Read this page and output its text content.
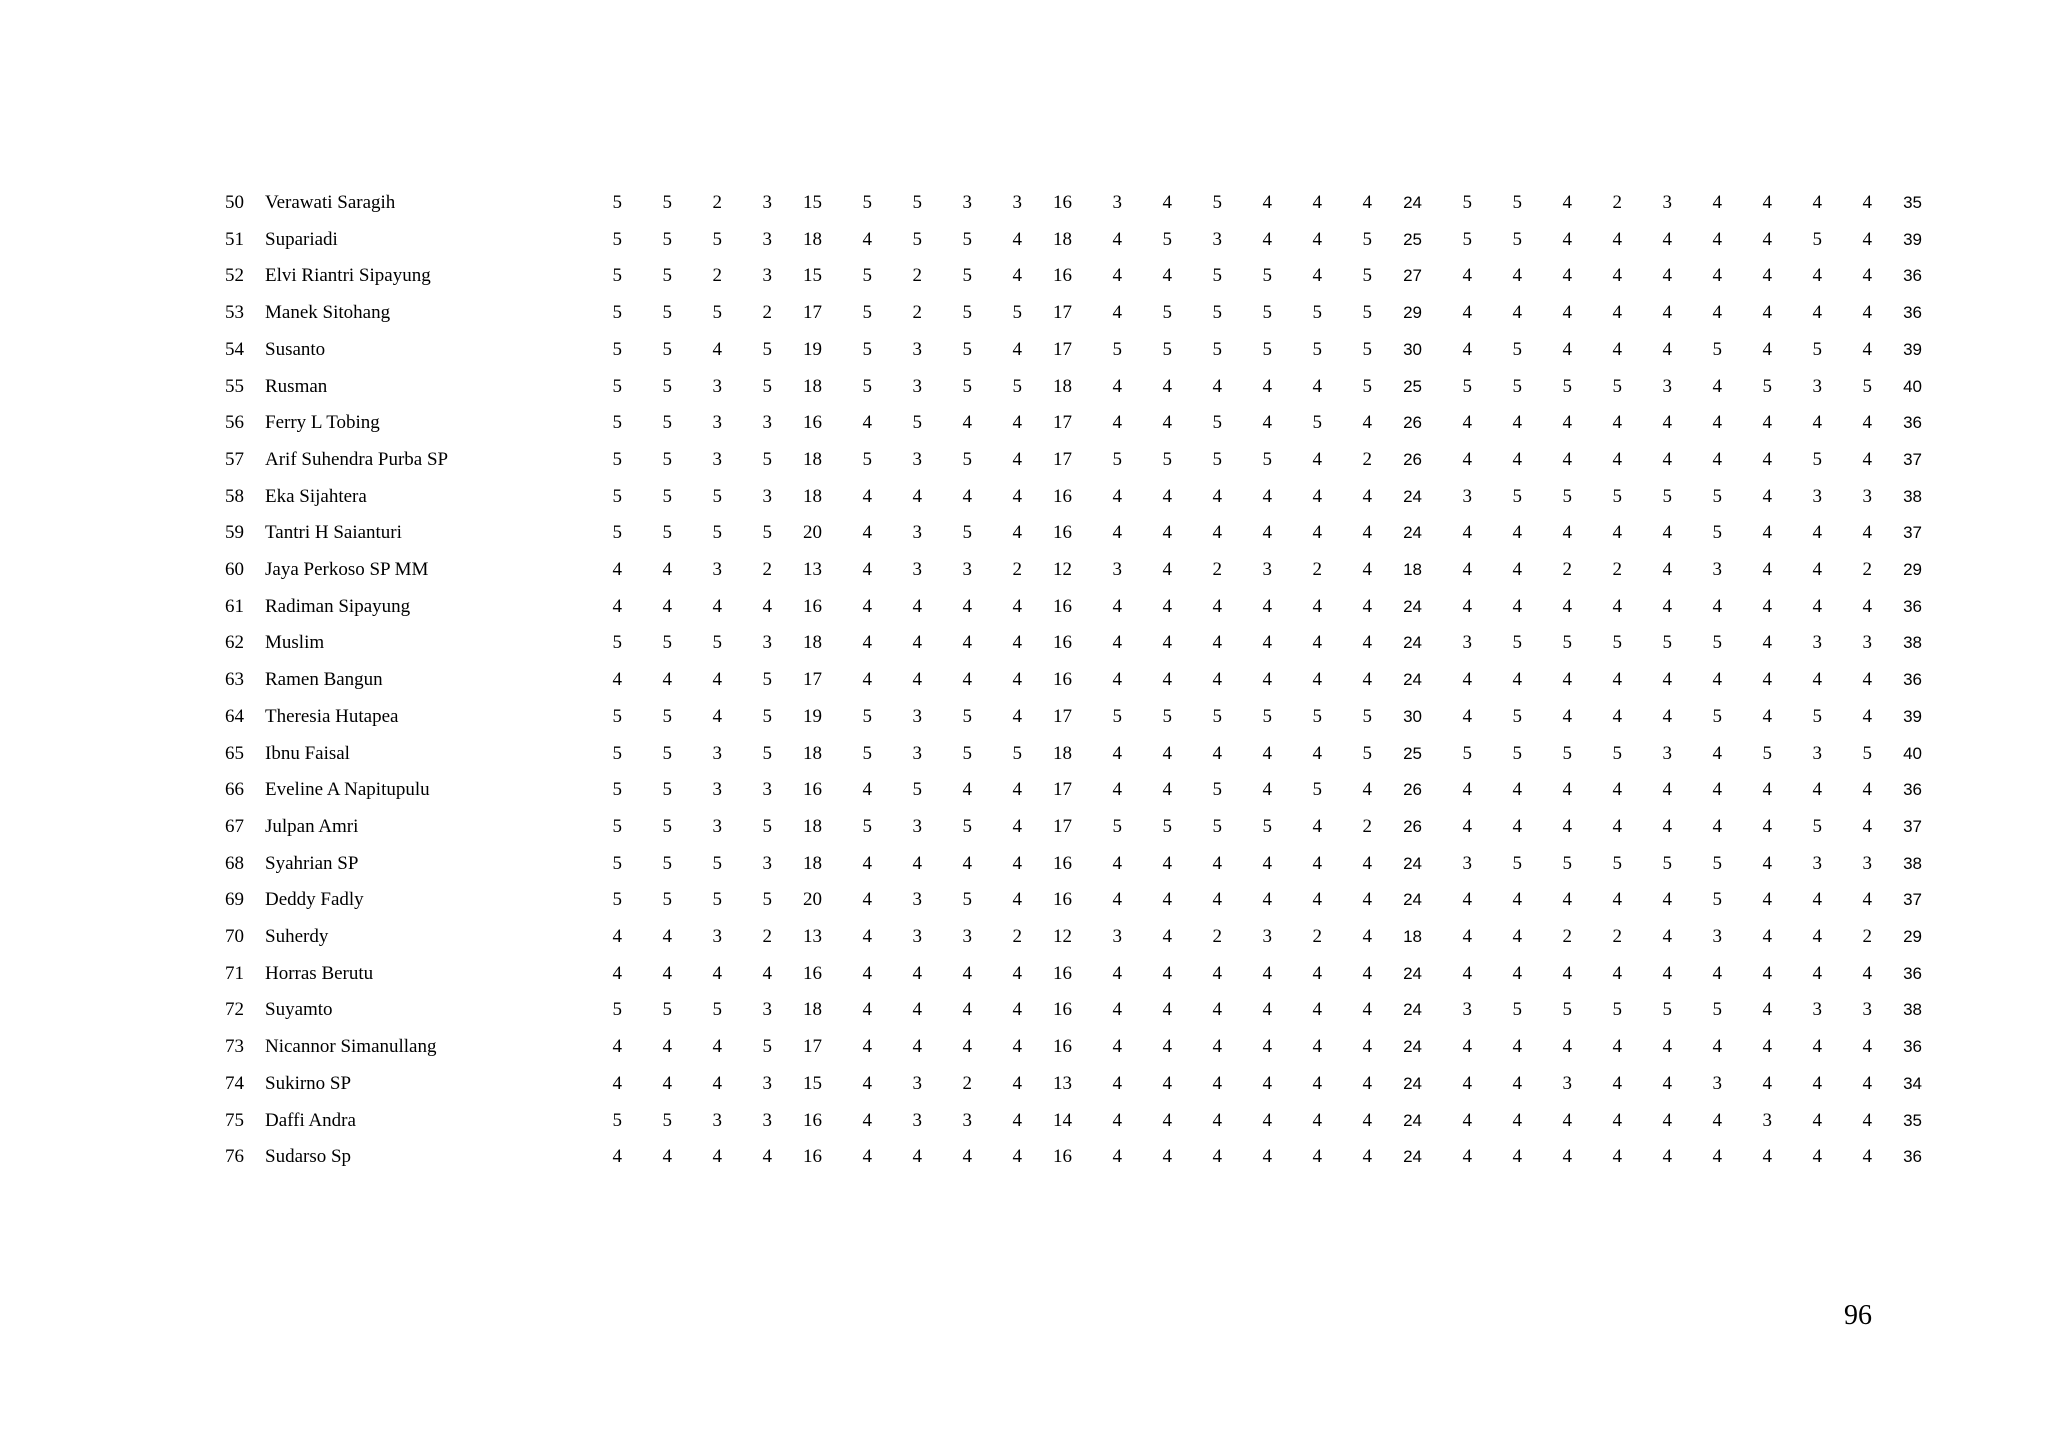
50	Verawati Saragih	5	5	2	3	15	5	5	3	3	16	3	4	5	4	4	4	24	5	5	4	2	3	4	4	4	4	35
51	Supariadi	5	5	5	3	18	4	5	5	4	18	4	5	3	4	4	5	25	5	5	4	4	4	4	4	5	4	39
52	Elvi Riantri Sipayung	5	5	2	3	15	5	2	5	4	16	4	4	5	5	4	5	27	4	4	4	4	4	4	4	4	4	36
53	Manek Sitohang	5	5	5	2	17	5	2	5	5	17	4	5	5	5	5	5	29	4	4	4	4	4	4	4	4	4	36
54	Susanto	5	5	4	5	19	5	3	5	4	17	5	5	5	5	5	5	30	4	5	4	4	4	5	4	5	4	39
55	Rusman	5	5	3	5	18	5	3	5	5	18	4	4	4	4	4	5	25	5	5	5	5	3	4	5	3	5	40
56	Ferry L Tobing	5	5	3	3	16	4	5	4	4	17	4	4	5	4	5	4	26	4	4	4	4	4	4	4	4	4	36
57	Arif Suhendra Purba SP	5	5	3	5	18	5	3	5	4	17	5	5	5	5	4	2	26	4	4	4	4	4	4	4	5	4	37
58	Eka Sijahtera	5	5	5	3	18	4	4	4	4	16	4	4	4	4	4	4	24	3	5	5	5	5	5	4	3	3	38
59	Tantri H Saianturi	5	5	5	5	20	4	3	5	4	16	4	4	4	4	4	4	24	4	4	4	4	4	5	4	4	4	37
60	Jaya Perkoso SP MM	4	4	3	2	13	4	3	3	2	12	3	4	2	3	2	4	18	4	4	2	2	4	3	4	4	2	29
61	Radiman Sipayung	4	4	4	4	16	4	4	4	4	16	4	4	4	4	4	4	24	4	4	4	4	4	4	4	4	4	36
62	Muslim	5	5	5	3	18	4	4	4	4	16	4	4	4	4	4	4	24	3	5	5	5	5	5	4	3	3	38
63	Ramen Bangun	4	4	4	5	17	4	4	4	4	16	4	4	4	4	4	4	24	4	4	4	4	4	4	4	4	4	36
64	Theresia Hutapea	5	5	4	5	19	5	3	5	4	17	5	5	5	5	5	5	30	4	5	4	4	4	5	4	5	4	39
65	Ibnu Faisal	5	5	3	5	18	5	3	5	5	18	4	4	4	4	4	5	25	5	5	5	5	3	4	5	3	5	40
66	Eveline A Napitupulu	5	5	3	3	16	4	5	4	4	17	4	4	5	4	5	4	26	4	4	4	4	4	4	4	4	4	36
67	Julpan Amri	5	5	3	5	18	5	3	5	4	17	5	5	5	5	4	2	26	4	4	4	4	4	4	4	5	4	37
68	Syahrian SP	5	5	5	3	18	4	4	4	4	16	4	4	4	4	4	4	24	3	5	5	5	5	5	4	3	3	38
69	Deddy Fadly	5	5	5	5	20	4	3	5	4	16	4	4	4	4	4	4	24	4	4	4	4	4	5	4	4	4	37
70	Suherdy	4	4	3	2	13	4	3	3	2	12	3	4	2	3	2	4	18	4	4	2	2	4	3	4	4	2	29
71	Horras Berutu	4	4	4	4	16	4	4	4	4	16	4	4	4	4	4	4	24	4	4	4	4	4	4	4	4	4	36
72	Suyamto	5	5	5	3	18	4	4	4	4	16	4	4	4	4	4	4	24	3	5	5	5	5	5	4	3	3	38
73	Nicannor Simanullang	4	4	4	5	17	4	4	4	4	16	4	4	4	4	4	4	24	4	4	4	4	4	4	4	4	4	36
74	Sukirno SP	4	4	4	3	15	4	3	2	4	13	4	4	4	4	4	4	24	4	4	3	4	4	3	4	4	4	34
75	Daffi Andra	5	5	3	3	16	4	3	3	4	14	4	4	4	4	4	4	24	4	4	4	4	4	4	3	4	4	35
76	Sudarso Sp	4	4	4	4	16	4	4	4	4	16	4	4	4	4	4	4	24	4	4	4	4	4	4	4	4	4	36
96
